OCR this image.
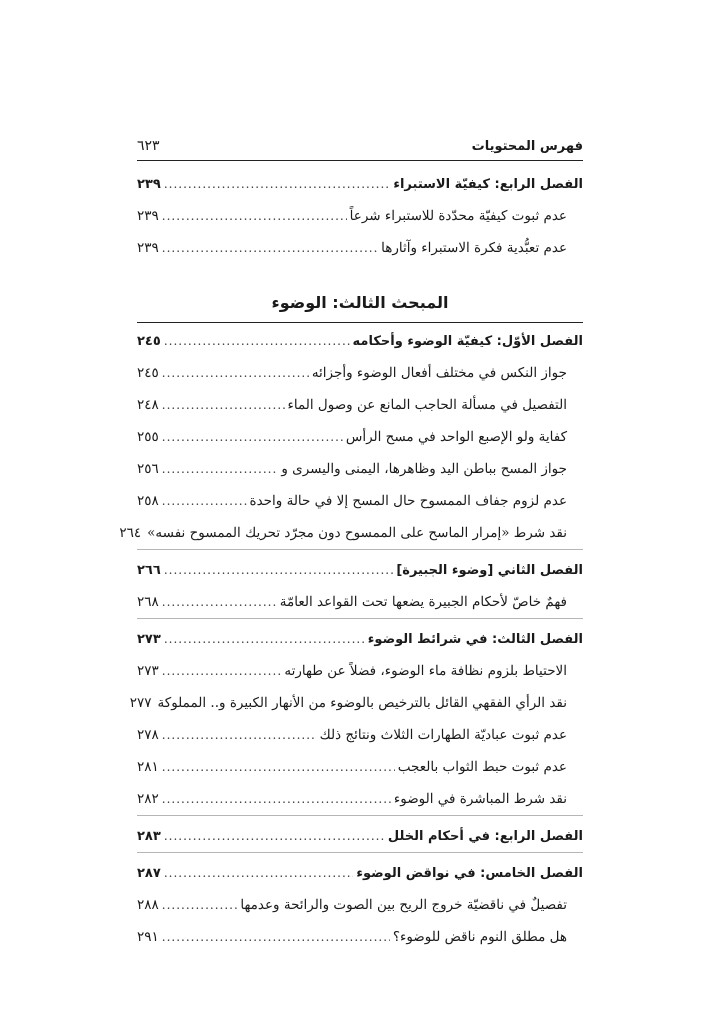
٦٢٣	فهرس المحتويات
الفصل الرابع: كيفيّة الاستبراء
.....
٢٣٩
عدم ثبوت كيفيّة محدّدة للاستبراء شرعاً
.....
٢٣٩
عدم تعبُّدية فكرة الاستبراء وآثارها
.....
٢٣٩
المبحث الثالث: الوضوء
الفصل الأوّل: كيفيّة الوضوء وأحكامه
.....
٢٤٥
جواز النكس في مختلف أفعال الوضوء وأجزائه
.....
٢٤٥
التفصيل في مسألة الحاجب المانع عن وصول الماء
.....
٢٤٨
كفاية ولو الإصبع الواحد في مسح الرأس
.....
٢٥٥
جواز المسح بباطن اليد وظاهرها، اليمنى واليسرى و
.....
٢٥٦
عدم لزوم جفاف الممسوح حال المسح إلا في حالة واحدة
.....
٢٥٨
نقد شرط «إمرار الماسح على الممسوح دون مجرّد تحريك الممسوح نفسه»
٢٦٤
الفصل الثاني [وضوء الجبيرة]
.....
٢٦٦
فهمٌ خاصّ لأحكام الجبيرة يضعها تحت القواعد العامّة
.....
٢٦٨
الفصل الثالث: في شرائط الوضوء
.....
٢٧٣
الاحتياط بلزوم نظافة ماء الوضوء، فضلاً عن طهارته
.....
٢٧٣
نقد الرأي الفقهي القائل بالترخيص بالوضوء من الأنهار الكبيرة و.. المملوكة
٢٧٧
عدم ثبوت عباديّة الطهارات الثلاث ونتائج ذلك
.....
٢٧٨
عدم ثبوت حبط الثواب بالعجب
.....
٢٨١
نقد شرط المباشرة في الوضوء
.....
٢٨٢
الفصل الرابع: في أحكام الخلل
.....
٢٨٣
الفصل الخامس: في نواقض الوضوء
.....
٢٨٧
تفصيلٌ في ناقضيّة خروج الريح بين الصوت والرائحة وعدمها
.....
٢٨٨
هل مطلق النوم ناقض للوضوء؟
.....
٢٩١
